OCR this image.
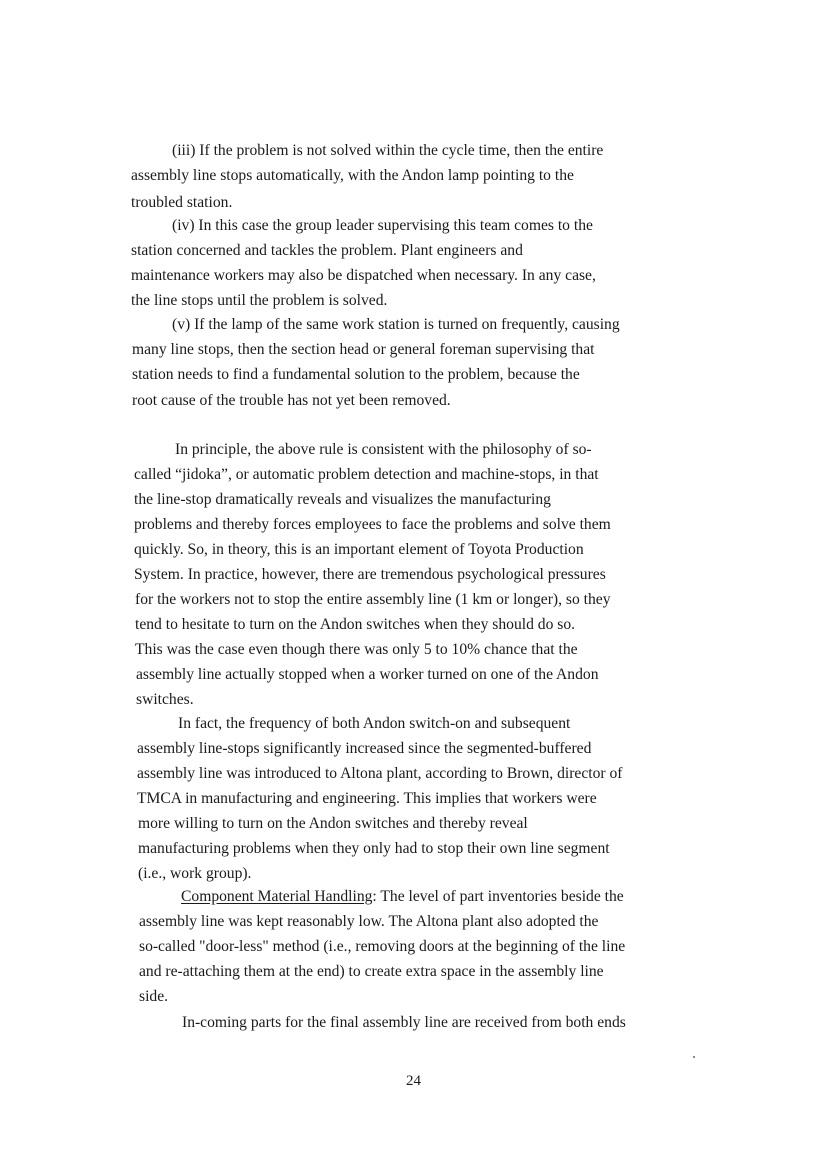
(iii) If the problem is not solved within the cycle time, then the entire
assembly line stops automatically, with the Andon lamp pointing to the
troubled station.
(iv) In this case the group leader supervising this team comes to the
station concerned and tackles the problem. Plant engineers and
maintenance workers may also be dispatched when necessary. In any case,
the line stops until the problem is solved.
(v) If the lamp of the same work station is turned on frequently, causing
many line stops, then the section head or general foreman supervising that
station needs to find a fundamental solution to the problem, because the
root cause of the trouble has not yet been removed.
In principle, the above rule is consistent with the philosophy of so-
called “jidoka”, or automatic problem detection and machine-stops, in that
the line-stop dramatically reveals and visualizes the manufacturing
problems and thereby forces employees to face the problems and solve them
quickly. So, in theory, this is an important element of Toyota Production
System. In practice, however, there are tremendous psychological pressures
for the workers not to stop the entire assembly line (1 km or longer), so they
tend to hesitate to turn on the Andon switches when they should do so.
This was the case even though there was only 5 to 10% chance that the
assembly line actually stopped when a worker turned on one of the Andon
switches.
In fact, the frequency of both Andon switch-on and subsequent
assembly line-stops significantly increased since the segmented-buffered
assembly line was introduced to Altona plant, according to Brown, director of
TMCA in manufacturing and engineering. This implies that workers were
more willing to turn on the Andon switches and thereby reveal
manufacturing problems when they only had to stop their own line segment
(i.e., work group).
Component Material Handling: The level of part inventories beside the
assembly line was kept reasonably low. The Altona plant also adopted the
so-called "door-less" method (i.e., removing doors at the beginning of the line
and re-attaching them at the end) to create extra space in the assembly line
side.
In-coming parts for the final assembly line are received from both ends
24
